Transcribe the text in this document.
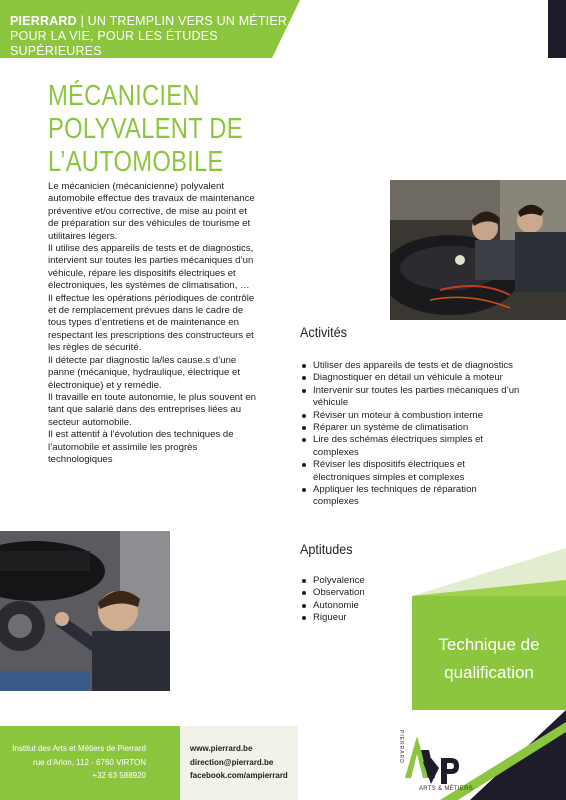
PIERRARD | UN TREMPLIN VERS UN MÉTIER,
POUR LA VIE, POUR LES ÉTUDES SUPÉRIEURES
MÉCANICIEN POLYVALENT DE
L’AUTOMOBILE

Le mécanicien (mécanicienne) polyvalent automobile effectue des travaux de maintenance préventive et/ou corrective, de mise au point et de préparation sur des véhicules de tourisme et utilitaires légers.

Il utilise des appareils de tests et de diagnostics, intervient sur toutes les parties mécaniques d’un véhicule, répare les dispositifs électriques et électroniques, les systèmes de climatisation, …

Il effectue les opérations périodiques de contrôle et de remplacement prévues dans le cadre de tous types d’entretiens et de maintenance en respectant les prescriptions des constructeurs et les règles de sécurité.

Il détecte par diagnostic la/les cause.s d’une panne (mécanique, hydraulique, électrique et électronique) et y remédie.

Il travaille en toute autonomie, le plus souvent en tant que salarié dans des entreprises liées au secteur automobile.

Il est attentif à l’évolution des techniques de l’automobile et assimile les progrès technologiques

Activités
Utiliser des appareils de tests et de diagnostics
Diagnostiquer en détail un véhicule à moteur
Intervenir sur toutes les parties mécaniques d’un véhicule
Réviser un moteur à combustion interne
Réparer un système de climatisation
Lire des schémas électriques simples et complexes
Réviser les dispositifs électriques et électroniques simples et complexes
Appliquer les techniques de réparation complexes
Aptitudes
Polyvalence
Observation
Autonomie
Rigueur
Technique de
qualification
Institut des Arts et Métiers de Pierrard
rue d’Arlon, 112 - 6760 VIRTON
+32 63 588920
www.pierrard.be
direction@pierrard.be
facebook.com/ampierrard
ARTS & MÉTIERS
PIERRARD
